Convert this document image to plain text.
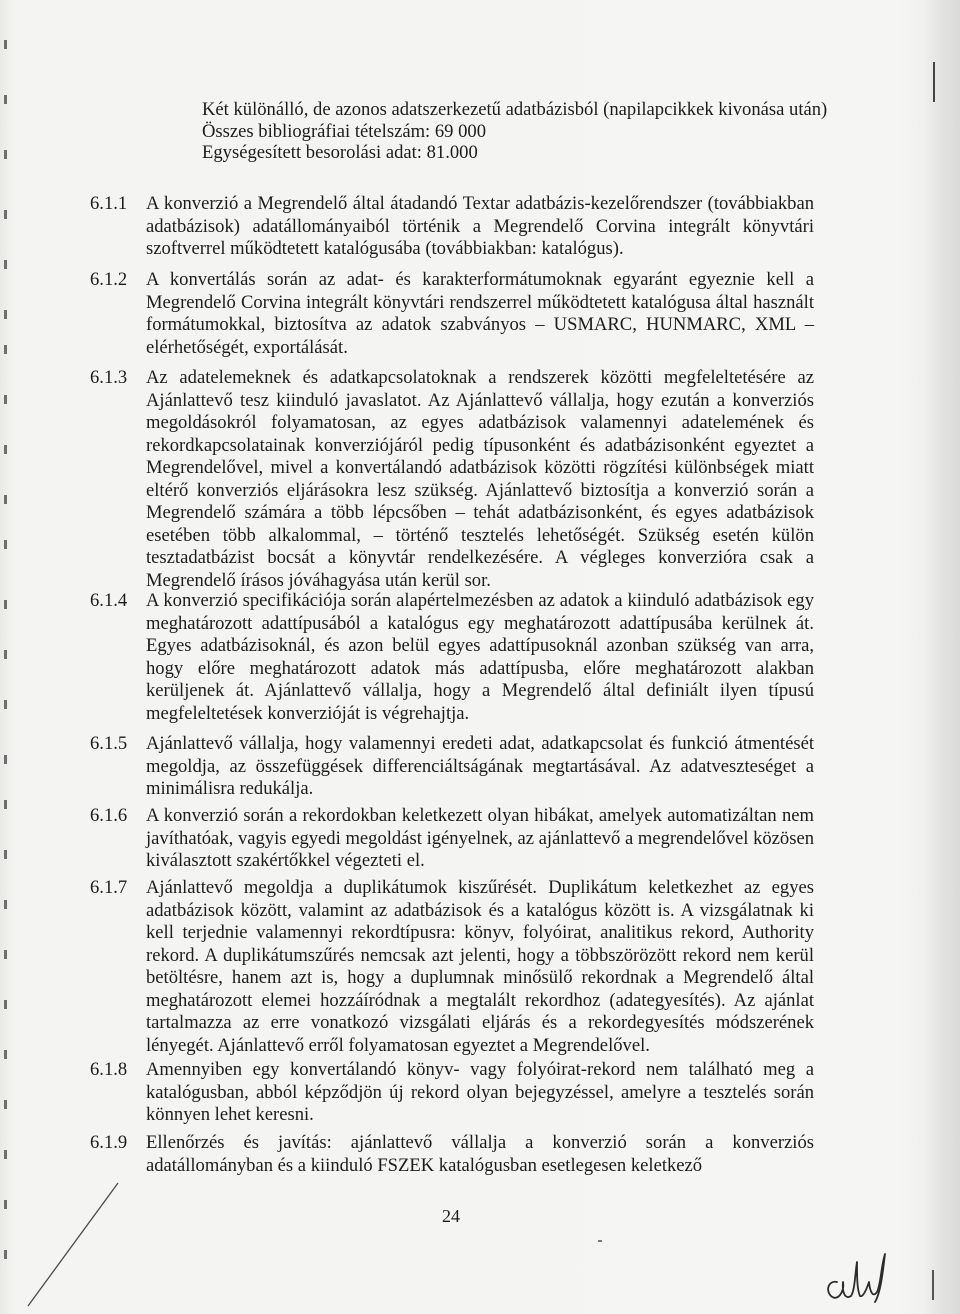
Két különálló, de azonos adatszerkezetű adatbázisból (napilapcikkek kivonása után)
Összes bibliográfiai tételszám: 69 000
Egységesített besorolási adat: 81.000
6.1.1	A konverzió a Megrendelő által átadandó Textar adatbázis-kezelőrendszer (továbbiakban adatbázisok) adatállományaiból történik a Megrendelő Corvina integrált könyvtári szoftverrel működtetett katalógusába (továbbiakban: katalógus).
6.1.2	A konvertálás során az adat- és karakterformátumoknak egyaránt egyeznie kell a Megrendelő Corvina integrált könyvtári rendszerrel működtetett katalógusa által használt formátumokkal, biztosítva az adatok szabványos – USMARC, HUNMARC, XML – elérhetőségét, exportálását.
6.1.3	Az adatelemeknek és adatkapcsolatoknak a rendszerek közötti megfeleltetésére az Ajánlattevő tesz kiinduló javaslatot. Az Ajánlattevő vállalja, hogy ezután a konverziós megoldásokról folyamatosan, az egyes adatbázisok valamennyi adatelemének és rekordkapcsolatainak konverziójáról pedig típusonként és adatbázisonként egyeztet a Megrendelővel, mivel a konvertálandó adatbázisok közötti rögzítési különbségek miatt eltérő konverziós eljárásokra lesz szükség. Ajánlattevő biztosítja a konverzió során a Megrendelő számára a több lépcsőben – tehát adatbázisonként, és egyes adatbázisok esetében több alkalommal, – történő tesztelés lehetőségét. Szükség esetén külön tesztadatbázist bocsát a könyvtár rendelkezésére. A végleges konverzióra csak a Megrendelő írásos jóváhagyása után kerül sor.
6.1.4	A konverzió specifikációja során alapértelmezésben az adatok a kiinduló adatbázisok egy meghatározott adattípusából a katalógus egy meghatározott adattípusába kerülnek át. Egyes adatbázisoknál, és azon belül egyes adattípusoknál azonban szükség van arra, hogy előre meghatározott adatok más adattípusba, előre meghatározott alakban kerüljenek át. Ajánlattevő vállalja, hogy a Megrendelő által definiált ilyen típusú megfeleltetések konverzióját is végrehajtja.
6.1.5	Ajánlattevő vállalja, hogy valamennyi eredeti adat, adatkapcsolat és funkció átmentését megoldja, az összefüggések differenciáltságának megtartásával. Az adatveszteséget a minimálisra redukálja.
6.1.6	A konverzió során a rekordokban keletkezett olyan hibákat, amelyek automatizáltan nem javíthatóak, vagyis egyedi megoldást igényelnek, az ajánlattevő a megrendelővel közösen kiválasztott szakértőkkel végezteti el.
6.1.7	Ajánlattevő megoldja a duplikátumok kiszűrését. Duplikátum keletkezhet az egyes adatbázisok között, valamint az adatbázisok és a katalógus között is. A vizsgálatnak ki kell terjednie valamennyi rekordtípusra: könyv, folyóirat, analitikus rekord, Authority rekord. A duplikátumszűrés nemcsak azt jelenti, hogy a többszörözött rekord nem kerül betöltésre, hanem azt is, hogy a duplumnak minősülő rekordnak a Megrendelő által meghatározott elemei hozzáíródnak a megtalált rekordhoz (adategyesítés). Az ajánlat tartalmazza az erre vonatkozó vizsgálati eljárás és a rekordegyesítés módszerének lényegét. Ajánlattevő erről folyamatosan egyeztet a Megrendelővel.
6.1.8	Amennyiben egy konvertálandó könyv- vagy folyóirat-rekord nem található meg a katalógusban, abból képződjön új rekord olyan bejegyzéssel, amelyre a tesztelés során könnyen lehet keresni.
6.1.9	Ellenőrzés és javítás: ajánlattevő vállalja a konverzió során a konverziós adatállományban és a kiinduló FSZEK katalógusban esetlegesen keletkező
24
